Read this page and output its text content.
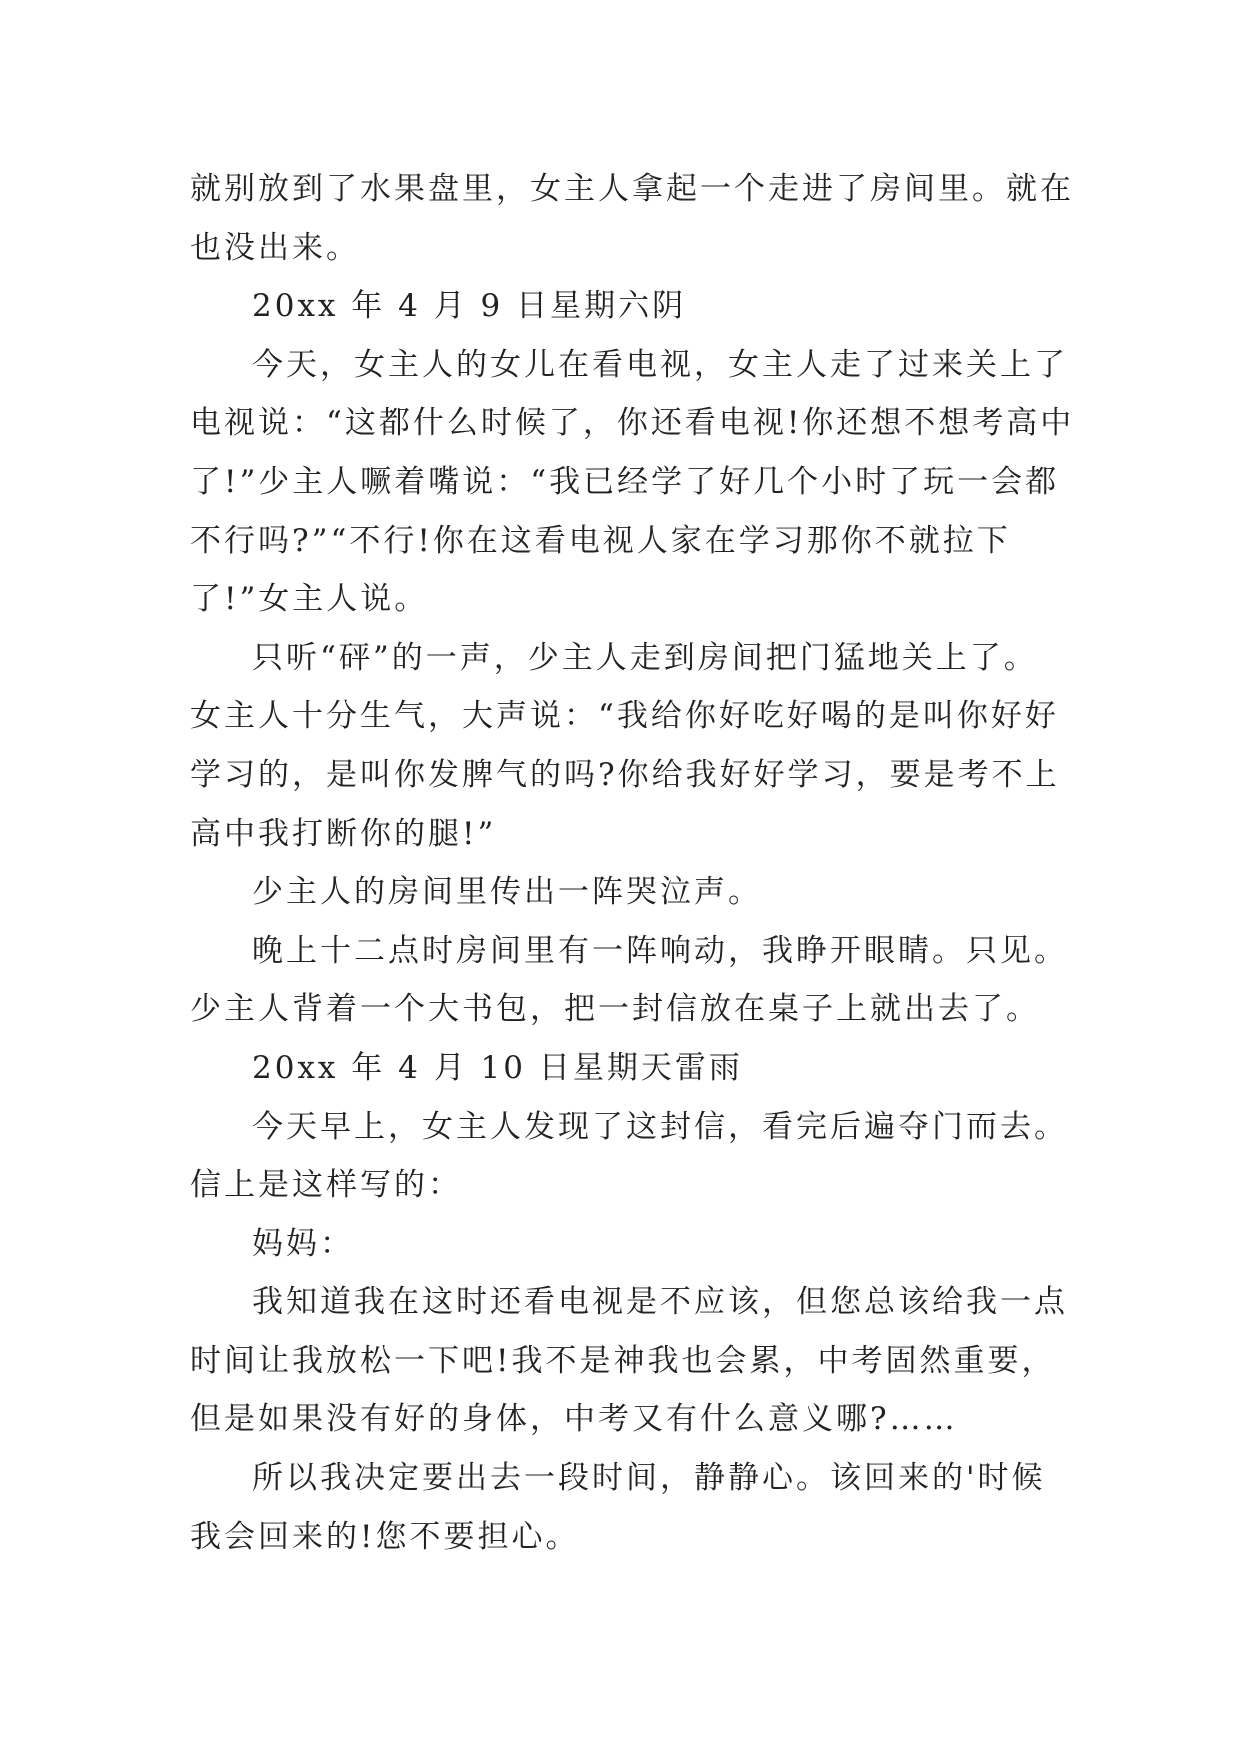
就别放到了水果盘里，女主人拿起一个走进了房间里。就在

也没出来。

20xx 年 4 月 9 日星期六阴

今天，女主人的女儿在看电视，女主人走了过来关上了

电视说：“这都什么时候了，你还看电视!你还想不想考高中

了!”少主人噘着嘴说：“我已经学了好几个小时了玩一会都

不行吗?”“不行!你在这看电视人家在学习那你不就拉下

了!”女主人说。

只听“砰”的一声，少主人走到房间把门猛地关上了。

女主人十分生气，大声说：“我给你好吃好喝的是叫你好好

学习的，是叫你发脾气的吗?你给我好好学习，要是考不上

高中我打断你的腿!”

少主人的房间里传出一阵哭泣声。

晚上十二点时房间里有一阵响动，我睁开眼睛。只见。

少主人背着一个大书包，把一封信放在桌子上就出去了。

20xx 年 4 月 10 日星期天雷雨

今天早上，女主人发现了这封信，看完后遍夺门而去。

信上是这样写的：

妈妈：

我知道我在这时还看电视是不应该，但您总该给我一点

时间让我放松一下吧!我不是神我也会累，中考固然重要，

但是如果没有好的身体，中考又有什么意义哪?……

所以我决定要出去一段时间，静静心。该回来的'时候

我会回来的!您不要担心。
